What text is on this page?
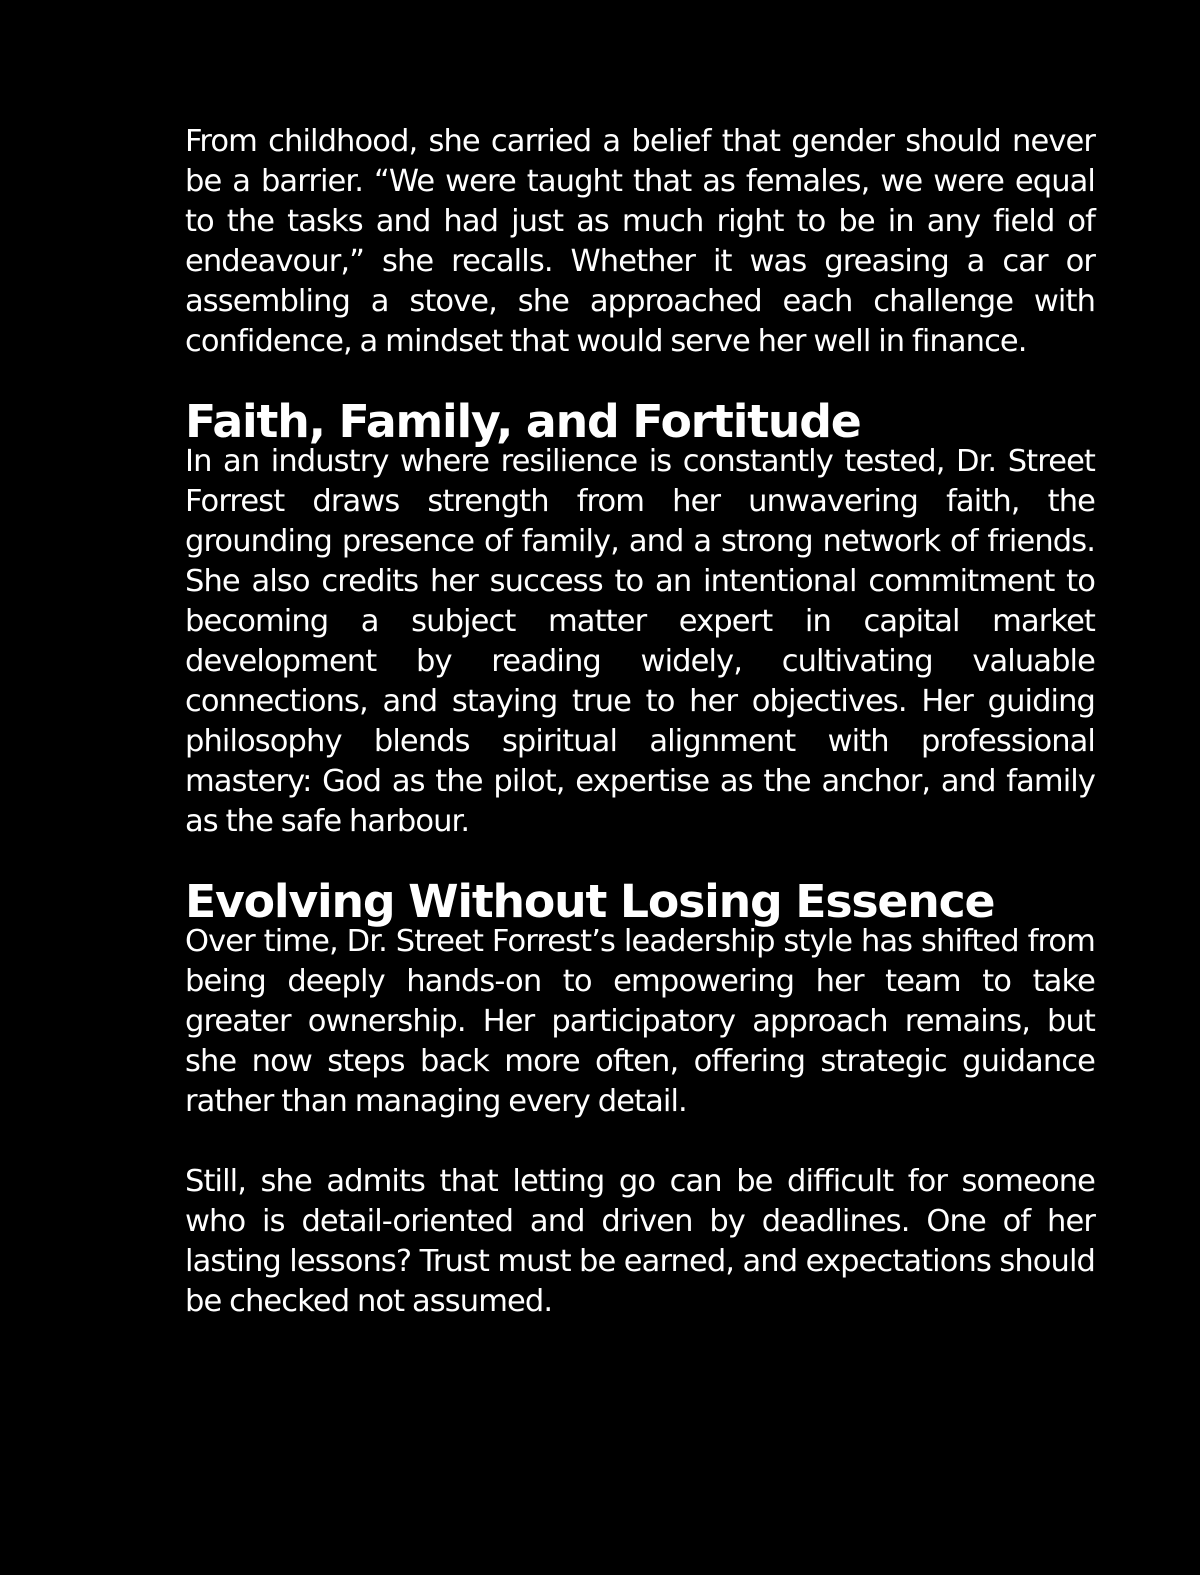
From childhood, she carried a belief that gender should never be a barrier. “We were taught that as females, we were equal to the tasks and had just as much right to be in any field of endeavour,” she recalls. Whether it was greasing a car or assembling a stove, she approached each challenge with confidence, a mindset that would serve her well in finance.

Faith, Family, and Fortitude

In an industry where resilience is constantly tested, Dr. Street Forrest draws strength from her unwavering faith, the grounding presence of family, and a strong network of friends. She also credits her success to an intentional commitment to becoming a subject matter expert in capital market development by reading widely, cultivating valuable connections, and staying true to her objectives. Her guiding philosophy blends spiritual alignment with professional mastery: God as the pilot, expertise as the anchor, and family as the safe harbour.

Evolving Without Losing Essence

Over time, Dr. Street Forrest’s leadership style has shifted from being deeply hands-on to empowering her team to take greater ownership. Her participatory approach remains, but she now steps back more often, offering strategic guidance rather than managing every detail.

Still, she admits that letting go can be difficult for someone who is detail-oriented and driven by deadlines. One of her lasting lessons? Trust must be earned, and expectations should be checked not assumed.
